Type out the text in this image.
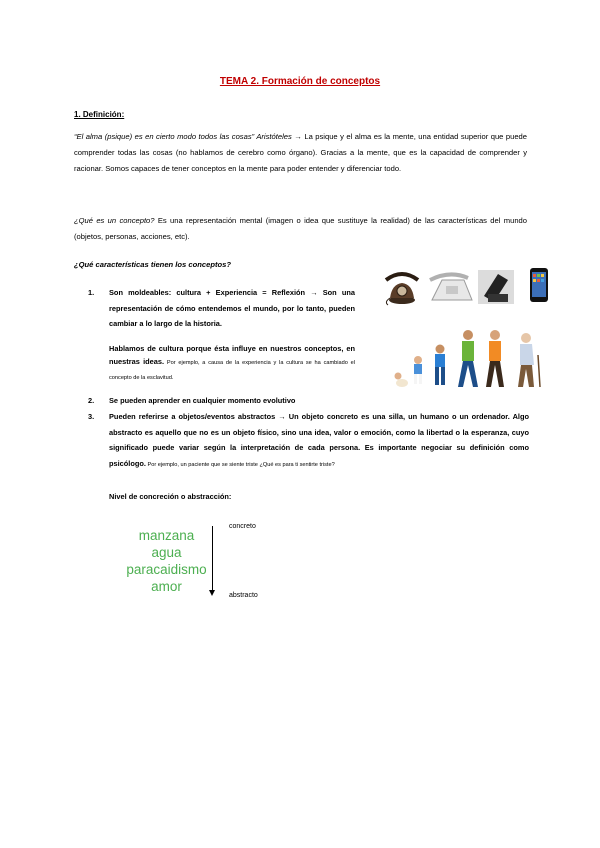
TEMA 2. Formación de conceptos
1. Definición:
“El alma (psique) es en cierto modo todos las cosas” Aristóteles → La psique y el alma es la mente, una entidad superior que puede comprender todas las cosas (no hablamos de cerebro como órgano). Gracias a la mente, que es la capacidad de comprender y racionar. Somos capaces de tener conceptos en la mente para poder entender y diferenciar todo.
¿Qué es un concepto? Es una representación mental (imagen o idea que sustituye la realidad) de las características del mundo (objetos, personas, acciones, etc).
¿Qué características tienen los conceptos?
1. Son moldeables: cultura + Experiencia = Reflexión → Son una representación de cómo entendemos el mundo, por lo tanto, pueden cambiar a lo largo de la historia.
2. Se pueden aprender en cualquier momento evolutivo
3. Pueden referirse a objetos/eventos abstractos → Un objeto concreto es una silla, un humano o un ordenador. Algo abstracto es aquello que no es un objeto físico, sino una idea, valor o emoción, como la libertad o la esperanza, cuyo significado puede variar según la interpretación de cada persona. Es importante negociar su definición como psicólogo. Por ejemplo, un paciente que se siente triste ¿Qué es para ti sentirte triste?
Hablamos de cultura porque ésta influye en nuestros conceptos, en nuestras ideas. Por ejemplo, a causa de la experiencia y la cultura se ha cambiado el concepto de la esclavitud.
Nivel de concreción o abstracción:
manzana
agua
paracaidismo
amor
concreto
abstracto
